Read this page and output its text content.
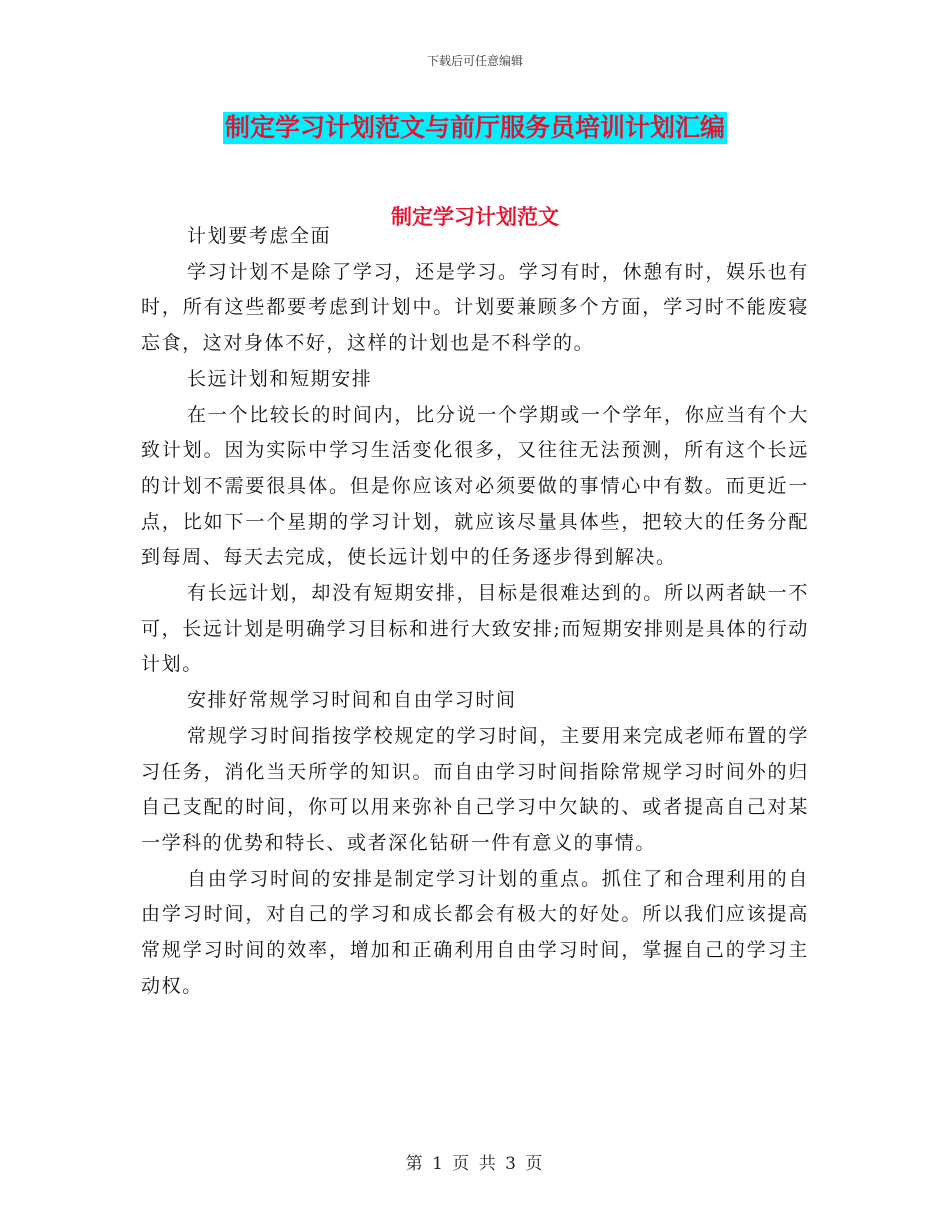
下载后可任意编辑
制定学习计划范文与前厅服务员培训计划汇编
制定学习计划范文

计划要考虑全面

学习计划不是除了学习，还是学习。学习有时，休憩有时，娱乐也有时，所有这些都要考虑到计划中。计划要兼顾多个方面，学习时不能废寝忘食，这对身体不好，这样的计划也是不科学的。

长远计划和短期安排

在一个比较长的时间内，比分说一个学期或一个学年，你应当有个大致计划。因为实际中学习生活变化很多，又往往无法预测，所有这个长远的计划不需要很具体。但是你应该对必须要做的事情心中有数。而更近一点，比如下一个星期的学习计划，就应该尽量具体些，把较大的任务分配到每周、每天去完成，使长远计划中的任务逐步得到解决。

有长远计划，却没有短期安排，目标是很难达到的。所以两者缺一不可，长远计划是明确学习目标和进行大致安排;而短期安排则是具体的行动计划。

安排好常规学习时间和自由学习时间

常规学习时间指按学校规定的学习时间，主要用来完成老师布置的学习任务，消化当天所学的知识。而自由学习时间指除常规学习时间外的归自己支配的时间，你可以用来弥补自己学习中欠缺的、或者提高自己对某一学科的优势和特长、或者深化钻研一件有意义的事情。

自由学习时间的安排是制定学习计划的重点。抓住了和合理利用的自由学习时间，对自己的学习和成长都会有极大的好处。所以我们应该提高常规学习时间的效率，增加和正确利用自由学习时间，掌握自己的学习主动权。

第 1 页 共 3 页
